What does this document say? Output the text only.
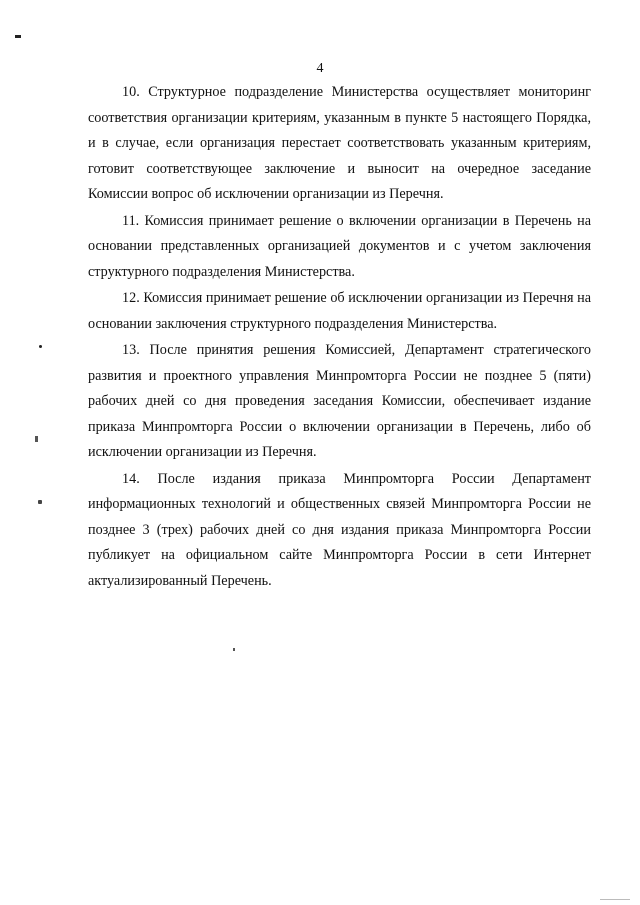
4

10. Структурное подразделение Министерства осуществляет мониторинг соответствия организации критериям, указанным в пункте 5 настоящего Порядка, и в случае, если организация перестает соответствовать указанным критериям, готовит соответствующее заключение и выносит на очередное заседание Комиссии вопрос об исключении организации из Перечня.

11. Комиссия принимает решение о включении организации в Перечень на основании представленных организацией документов и с учетом заключения структурного подразделения Министерства.

12. Комиссия принимает решение об исключении организации из Перечня на основании заключения структурного подразделения Министерства.

13. После принятия решения Комиссией, Департамент стратегического развития и проектного управления Минпромторга России не позднее 5 (пяти) рабочих дней со дня проведения заседания Комиссии, обеспечивает издание приказа Минпромторга России о включении организации в Перечень, либо об исключении организации из Перечня.

14. После издания приказа Минпромторга России Департамент информационных технологий и общественных связей Минпромторга России не позднее 3 (трех) рабочих дней со дня издания приказа Минпромторга России публикует на официальном сайте Минпромторга России в сети Интернет актуализированный Перечень.
